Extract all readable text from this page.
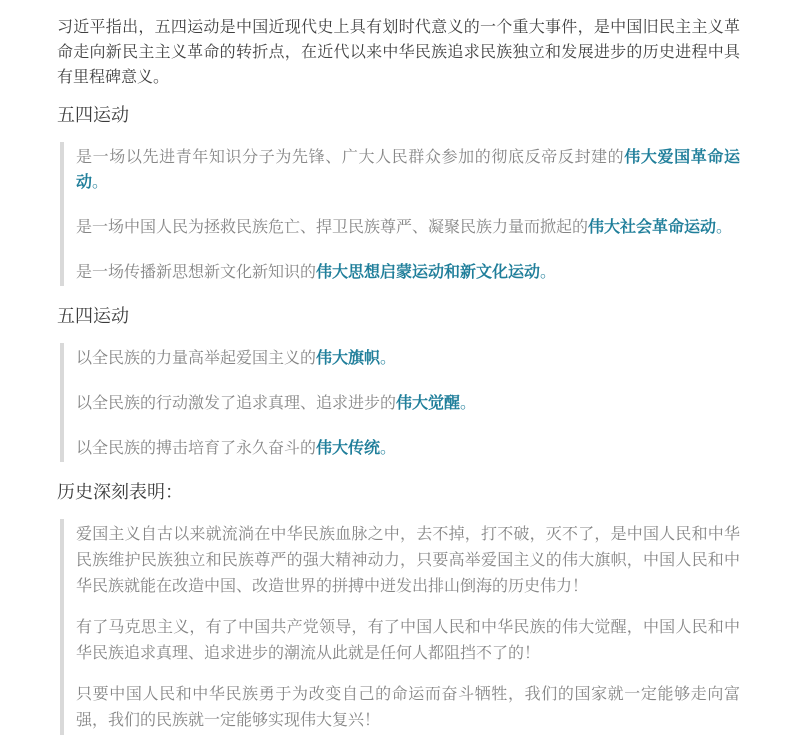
习近平指出，五四运动是中国近现代史上具有划时代意义的一个重大事件，是中国旧民主主义革命走向新民主主义革命的转折点，在近代以来中华民族追求民族独立和发展进步的历史进程中具有里程碑意义。

五四运动

是一场以先进青年知识分子为先锋、广大人民群众参加的彻底反帝反封建的伟大爱国革命运动。

是一场中国人民为拯救民族危亡、捍卫民族尊严、凝聚民族力量而掀起的伟大社会革命运动。

是一场传播新思想新文化新知识的伟大思想启蒙运动和新文化运动。

五四运动

以全民族的力量高举起爱国主义的伟大旗帜。

以全民族的行动激发了追求真理、追求进步的伟大觉醒。

以全民族的搏击培育了永久奋斗的伟大传统。

历史深刻表明：

爱国主义自古以来就流淌在中华民族血脉之中，去不掉，打不破，灭不了，是中国人民和中华民族维护民族独立和民族尊严的强大精神动力，只要高举爱国主义的伟大旗帜，中国人民和中华民族就能在改造中国、改造世界的拼搏中迸发出排山倒海的历史伟力！

有了马克思主义，有了中国共产党领导，有了中国人民和中华民族的伟大觉醒，中国人民和中华民族追求真理、追求进步的潮流从此就是任何人都阻挡不了的！

只要中国人民和中华民族勇于为改变自己的命运而奋斗牺牲，我们的国家就一定能够走向富强，我们的民族就一定能够实现伟大复兴！
